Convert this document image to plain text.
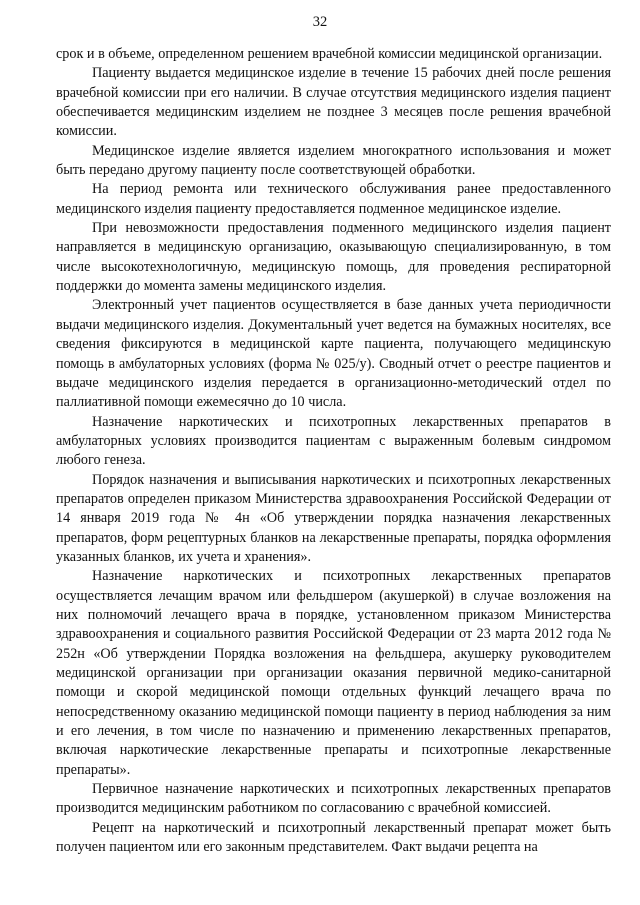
32

срок и в объеме, определенном решением врачебной комиссии медицинской организации.

Пациенту выдается медицинское изделие в течение 15 рабочих дней после решения врачебной комиссии при его наличии. В случае отсутствия медицинского изделия пациент обеспечивается медицинским изделием не позднее 3 месяцев после решения врачебной комиссии.

Медицинское изделие является изделием многократного использования и может быть передано другому пациенту после соответствующей обработки.

На период ремонта или технического обслуживания ранее предоставленного медицинского изделия пациенту предоставляется подменное медицинское изделие.

При невозможности предоставления подменного медицинского изделия пациент направляется в медицинскую организацию, оказывающую специализированную, в том числе высокотехнологичную, медицинскую помощь, для проведения респираторной поддержки до момента замены медицинского изделия.

Электронный учет пациентов осуществляется в базе данных учета периодичности выдачи медицинского изделия. Документальный учет ведется на бумажных носителях, все сведения фиксируются в медицинской карте пациента, получающего медицинскую помощь в амбулаторных условиях (форма № 025/у). Сводный отчет о реестре пациентов и выдаче медицинского изделия передается в организационно-методический отдел по паллиативной помощи ежемесячно до 10 числа.

Назначение наркотических и психотропных лекарственных препаратов в амбулаторных условиях производится пациентам с выраженным болевым синдромом любого генеза.

Порядок назначения и выписывания наркотических и психотропных лекарственных препаратов определен приказом Министерства здравоохранения Российской Федерации от 14 января 2019 года № 4н «Об утверждении порядка назначения лекарственных препаратов, форм рецептурных бланков на лекарственные препараты, порядка оформления указанных бланков, их учета и хранения».

Назначение наркотических и психотропных лекарственных препаратов осуществляется лечащим врачом или фельдшером (акушеркой) в случае возложения на них полномочий лечащего врача в порядке, установленном приказом Министерства здравоохранения и социального развития Российской Федерации от 23 марта 2012 года № 252н «Об утверждении Порядка возложения на фельдшера, акушерку руководителем медицинской организации при организации оказания первичной медико-санитарной помощи и скорой медицинской помощи отдельных функций лечащего врача по непосредственному оказанию медицинской помощи пациенту в период наблюдения за ним и его лечения, в том числе по назначению и применению лекарственных препаратов, включая наркотические лекарственные препараты и психотропные лекарственные препараты».

Первичное назначение наркотических и психотропных лекарственных препаратов производится медицинским работником по согласованию с врачебной комиссией.

Рецепт на наркотический и психотропный лекарственный препарат может быть получен пациентом или его законным представителем. Факт выдачи рецепта на
